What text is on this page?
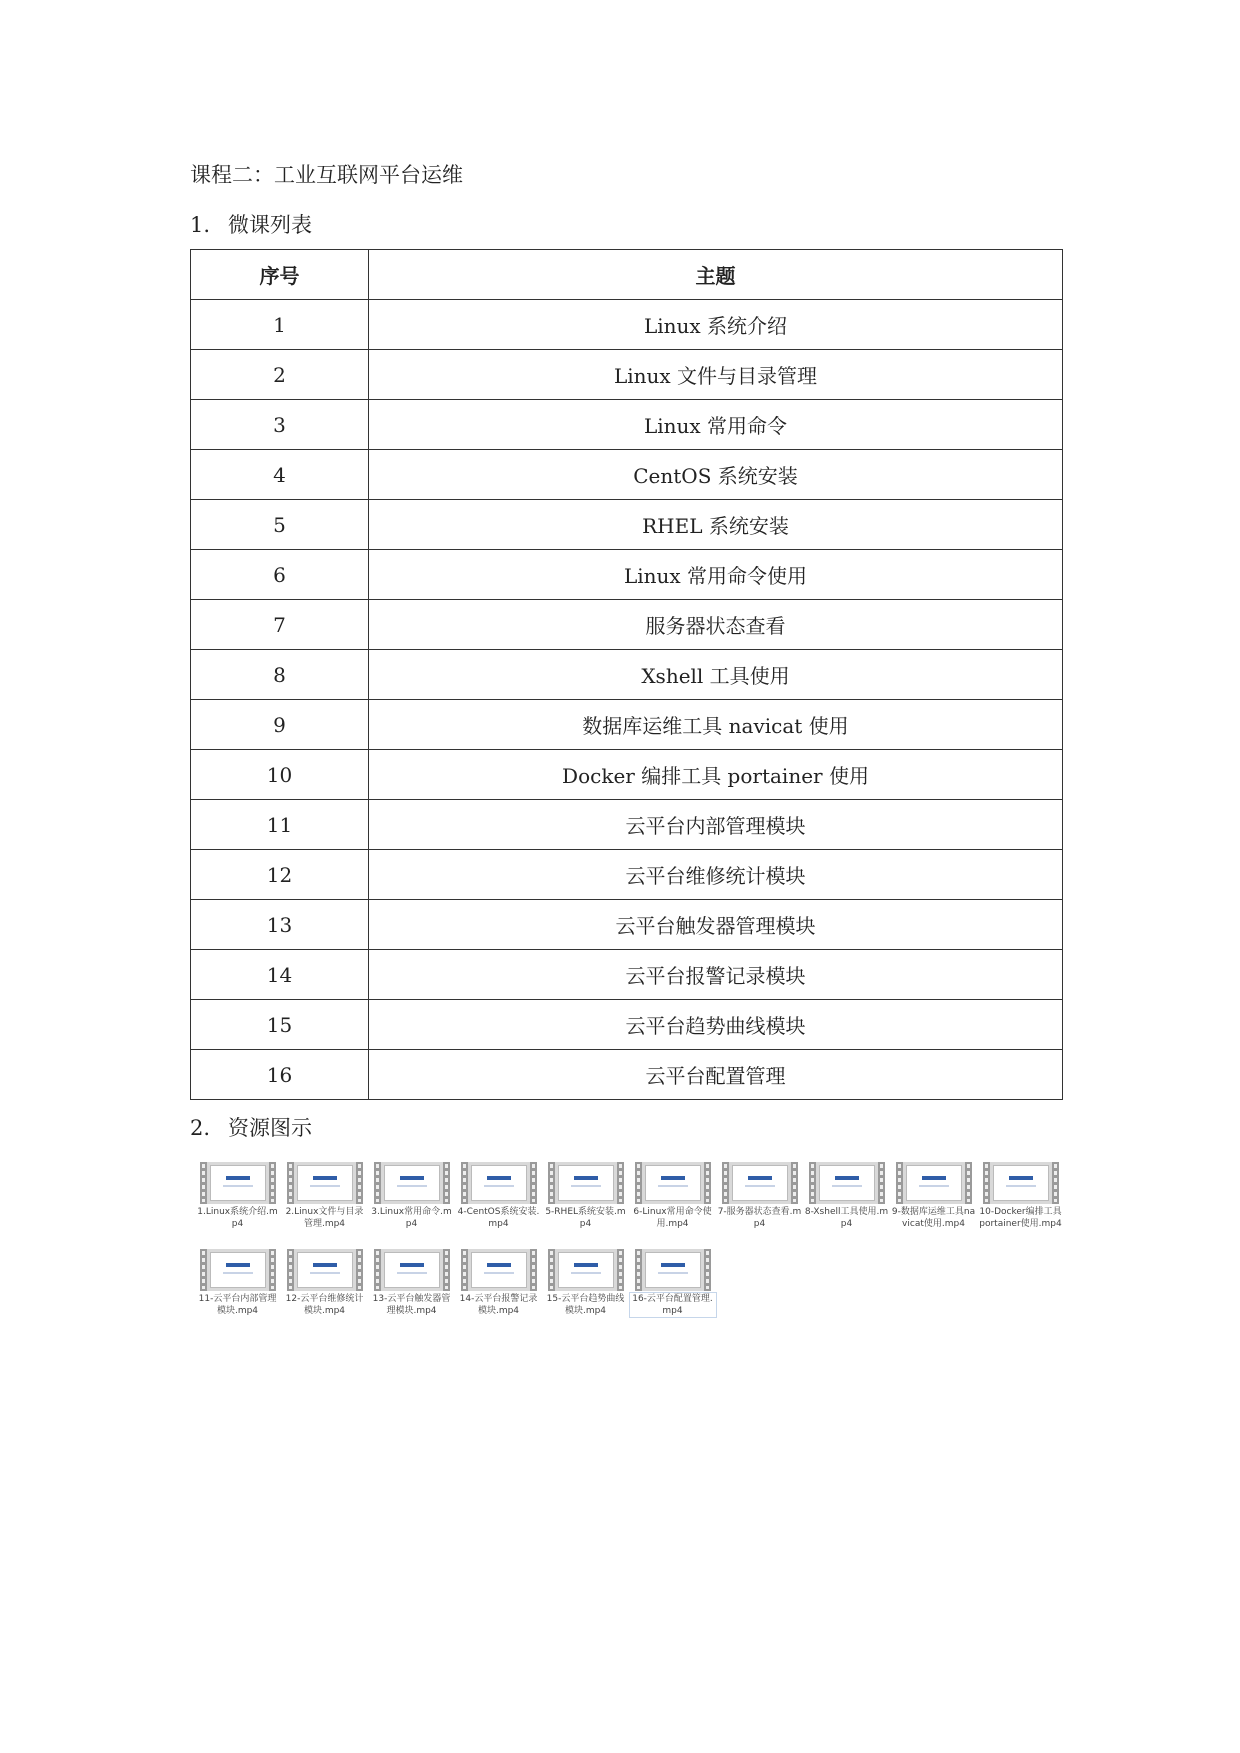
课程二：工业互联网平台运维
1. 微课列表
序号	主题
1	Linux 系统介绍
2	Linux 文件与目录管理
3	Linux 常用命令
4	CentOS 系统安装
5	RHEL 系统安装
6	Linux 常用命令使用
7	服务器状态查看
8	Xshell 工具使用
9	数据库运维工具 navicat 使用
10	Docker 编排工具 portainer 使用
11	云平台内部管理模块
12	云平台维修统计模块
13	云平台触发器管理模块
14	云平台报警记录模块
15	云平台趋势曲线模块
16	云平台配置管理
2. 资源图示
1.Linux系统介绍.mp4
2.Linux文件与目录管理.mp4
3.Linux常用命令.mp4
4-CentOS系统安装.mp4
5-RHEL系统安装.mp4
6-Linux常用命令使用.mp4
7-服务器状态查看.mp4
8-Xshell工具使用.mp4
9-数据库运维工具navicat使用.mp4
10-Docker编排工具portainer使用.mp4
11-云平台内部管理模块.mp4
12-云平台维修统计模块.mp4
13-云平台触发器管理模块.mp4
14-云平台报警记录模块.mp4
15-云平台趋势曲线模块.mp4
16-云平台配置管理.mp4
